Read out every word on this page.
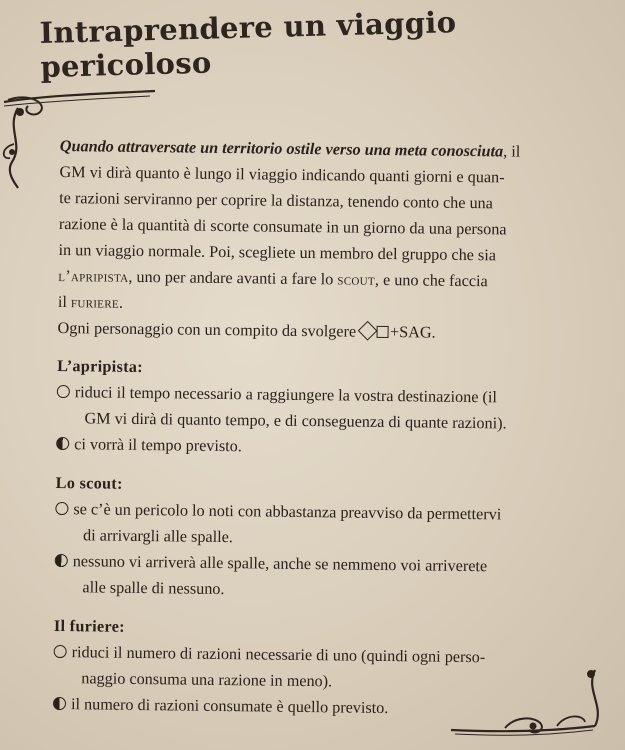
Intraprendere un viaggio pericoloso
Quando attraversate un territorio ostile verso una meta conosciuta, il
GM vi dirà quanto è lungo il viaggio indicando quanti giorni e quan-
te razioni serviranno per coprire la distanza, tenendo conto che una
razione è la quantità di scorte consumate in un giorno da una persona
in un viaggio normale. Poi, scegliete un membro del gruppo che sia
l’apripista, uno per andare avanti a fare lo scout, e uno che faccia
il furiere.
Ogni personaggio con un compito da svolgere +SAG.
L’apripista:
riduci il tempo necessario a raggiungere la vostra destinazione (il
GM vi dirà di quanto tempo, e di conseguenza di quante razioni).
ci vorrà il tempo previsto.
Lo scout:
se c’è un pericolo lo noti con abbastanza preavviso da permettervi
di arrivargli alle spalle.
nessuno vi arriverà alle spalle, anche se nemmeno voi arriverete
alle spalle di nessuno.
Il furiere:
riduci il numero di razioni necessarie di uno (quindi ogni perso-
naggio consuma una razione in meno).
il numero di razioni consumate è quello previsto.
